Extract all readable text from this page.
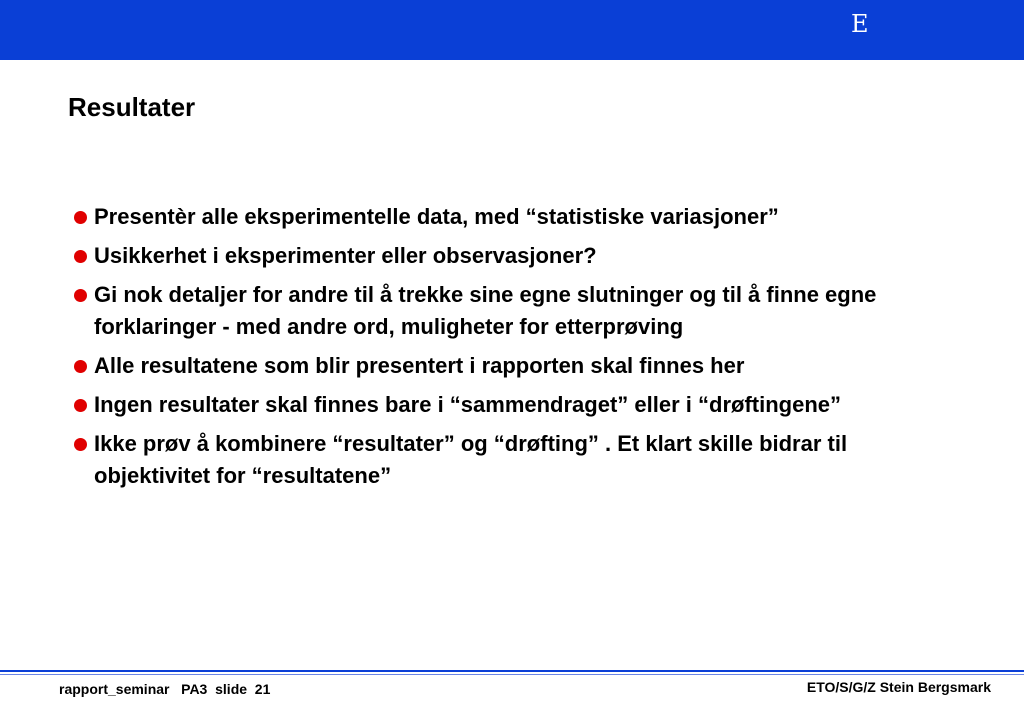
E
Resultater
Presentèr alle eksperimentelle data, med “statistiske variasjoner”
Usikkerhet i eksperimenter eller observasjoner?
Gi nok detaljer for andre til å trekke sine egne slutninger og til å finne egne forklaringer - med andre ord, muligheter for etterprøving
Alle resultatene som blir presentert i rapporten skal finnes her
Ingen resultater skal finnes bare i “sammendraget” eller i “drøftingene”
Ikke prøv å kombinere “resultater” og “drøfting” . Et klart skille bidrar til objektivitet for “resultatene”
rapport_seminar   PA3  slide  21	ETO/S/G/Z Stein Bergsmark
